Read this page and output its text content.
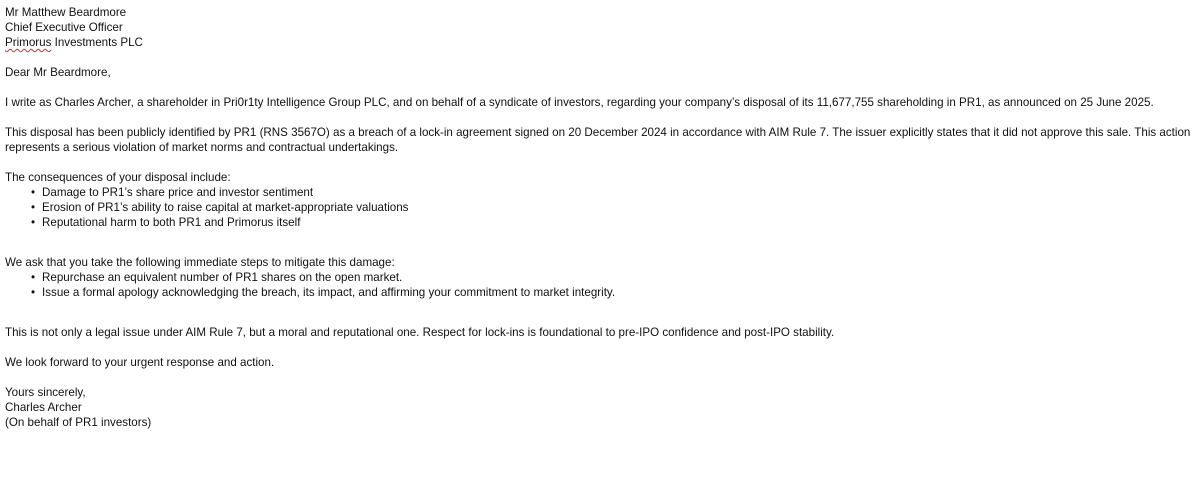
Mr Matthew Beardmore
Chief Executive Officer
Primorus Investments PLC

Dear Mr Beardmore,

I write as Charles Archer, a shareholder in Pri0r1ty Intelligence Group PLC, and on behalf of a syndicate of investors, regarding your company’s disposal of its 11,677,755 shareholding in PR1, as announced on 25 June 2025.

This disposal has been publicly identified by PR1 (RNS 3567O) as a breach of a lock-in agreement signed on 20 December 2024 in accordance with AIM Rule 7. The issuer explicitly states that it did not approve this sale. This action represents a serious violation of market norms and contractual undertakings.

The consequences of your disposal include:

• Damage to PR1’s share price and investor sentiment
• Erosion of PR1’s ability to raise capital at market-appropriate valuations
• Reputational harm to both PR1 and Primorus itself

We ask that you take the following immediate steps to mitigate this damage:

• Repurchase an equivalent number of PR1 shares on the open market.
• Issue a formal apology acknowledging the breach, its impact, and affirming your commitment to market integrity.

This is not only a legal issue under AIM Rule 7, but a moral and reputational one. Respect for lock-ins is foundational to pre-IPO confidence and post-IPO stability.

We look forward to your urgent response and action.

Yours sincerely,
Charles Archer
(On behalf of PR1 investors)
